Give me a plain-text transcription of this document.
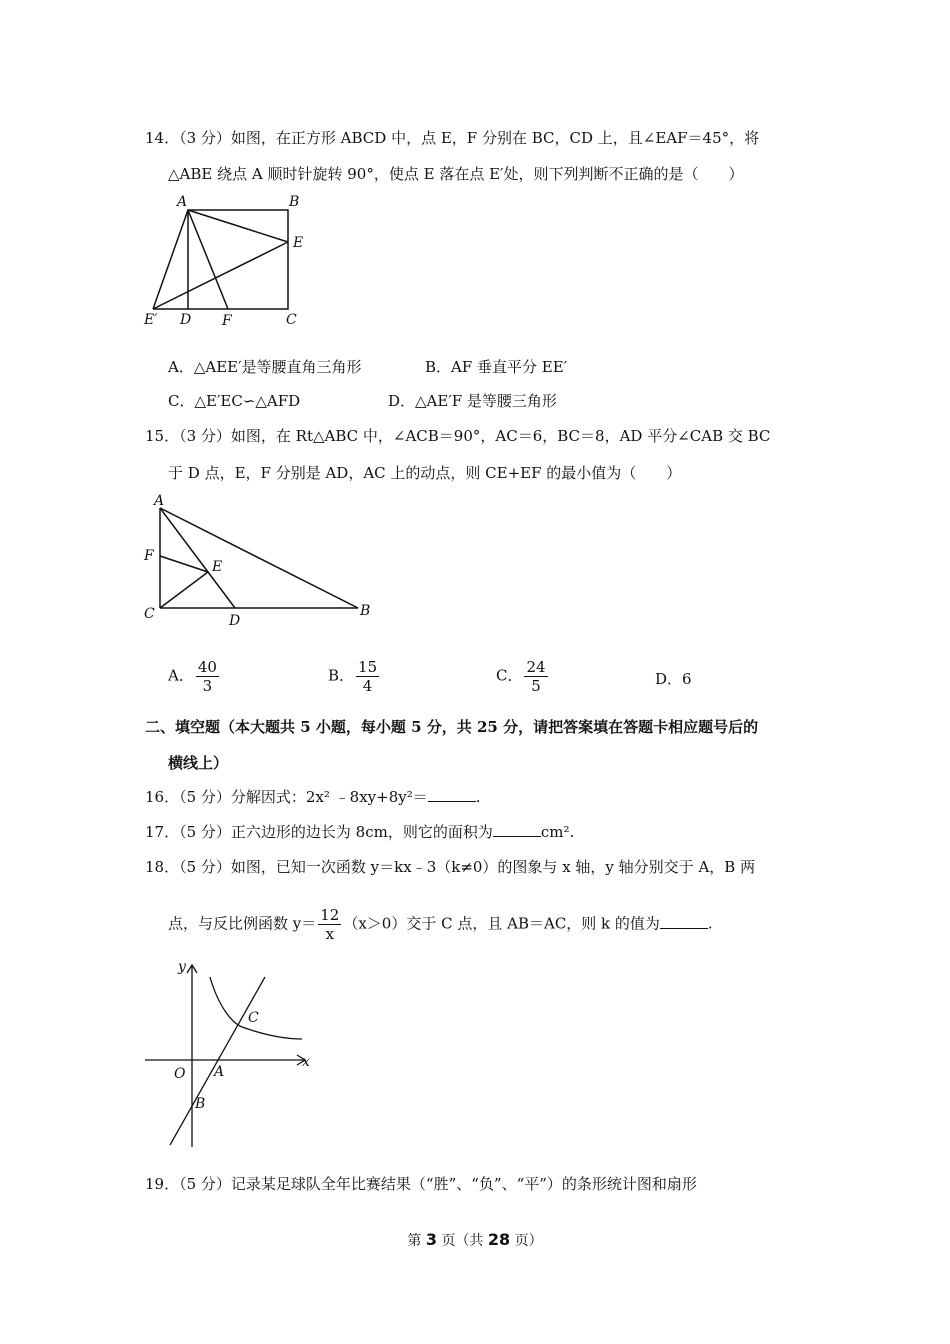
14．（3 分）如图，在正方形 ABCD 中，点 E，F 分别在 BC，CD 上，且∠EAF＝45°，将
△ABE 绕点 A 顺时针旋转 90°，使点 E 落在点 E′处，则下列判断不正确的是（　　）
A	B
E
E′ D F	C
A．△AEE′是等腰直角三角形	B．AF 垂直平分 EE′
C．△E′EC∽△AFD	D．△AE′F 是等腰三角形
15．（3 分）如图，在 Rt△ABC 中，∠ACB＝90°，AC＝6，BC＝8，AD 平分∠CAB 交 BC
于 D 点，E，F 分别是 AD，AC 上的动点，则 CE+EF 的最小值为（　　）
A
F
E
C	D
B
A． $\frac{40}{3}$	B． $\frac{15}{4}$	C． $\frac{24}{5}$	D．6
二、填空题（本大题共 5 小题，每小题 5 分，共 25 分，请把答案填在答题卡相应题号后的
横线上）
16．（5 分）分解因式：2x² ﹣8xy+8y²＝	.
17．（5 分）正六边形的边长为 8cm，则它的面积为	cm².
18．（5 分）如图，已知一次函数 y＝kx﹣3（k≠0）的图象与 x 轴，y 轴分别交于 A，B 两
点，与反比例函数 $y= \frac{12}{x} (x>0)$交于 C 点，且 AB＝AC，则 k 的值为	.
y
C
x
O A
B
19．（5 分）记录某足球队全年比赛结果（“胜”、“负”、“平”）的条形统计图和扇形
第 3 页（共 28 页）
